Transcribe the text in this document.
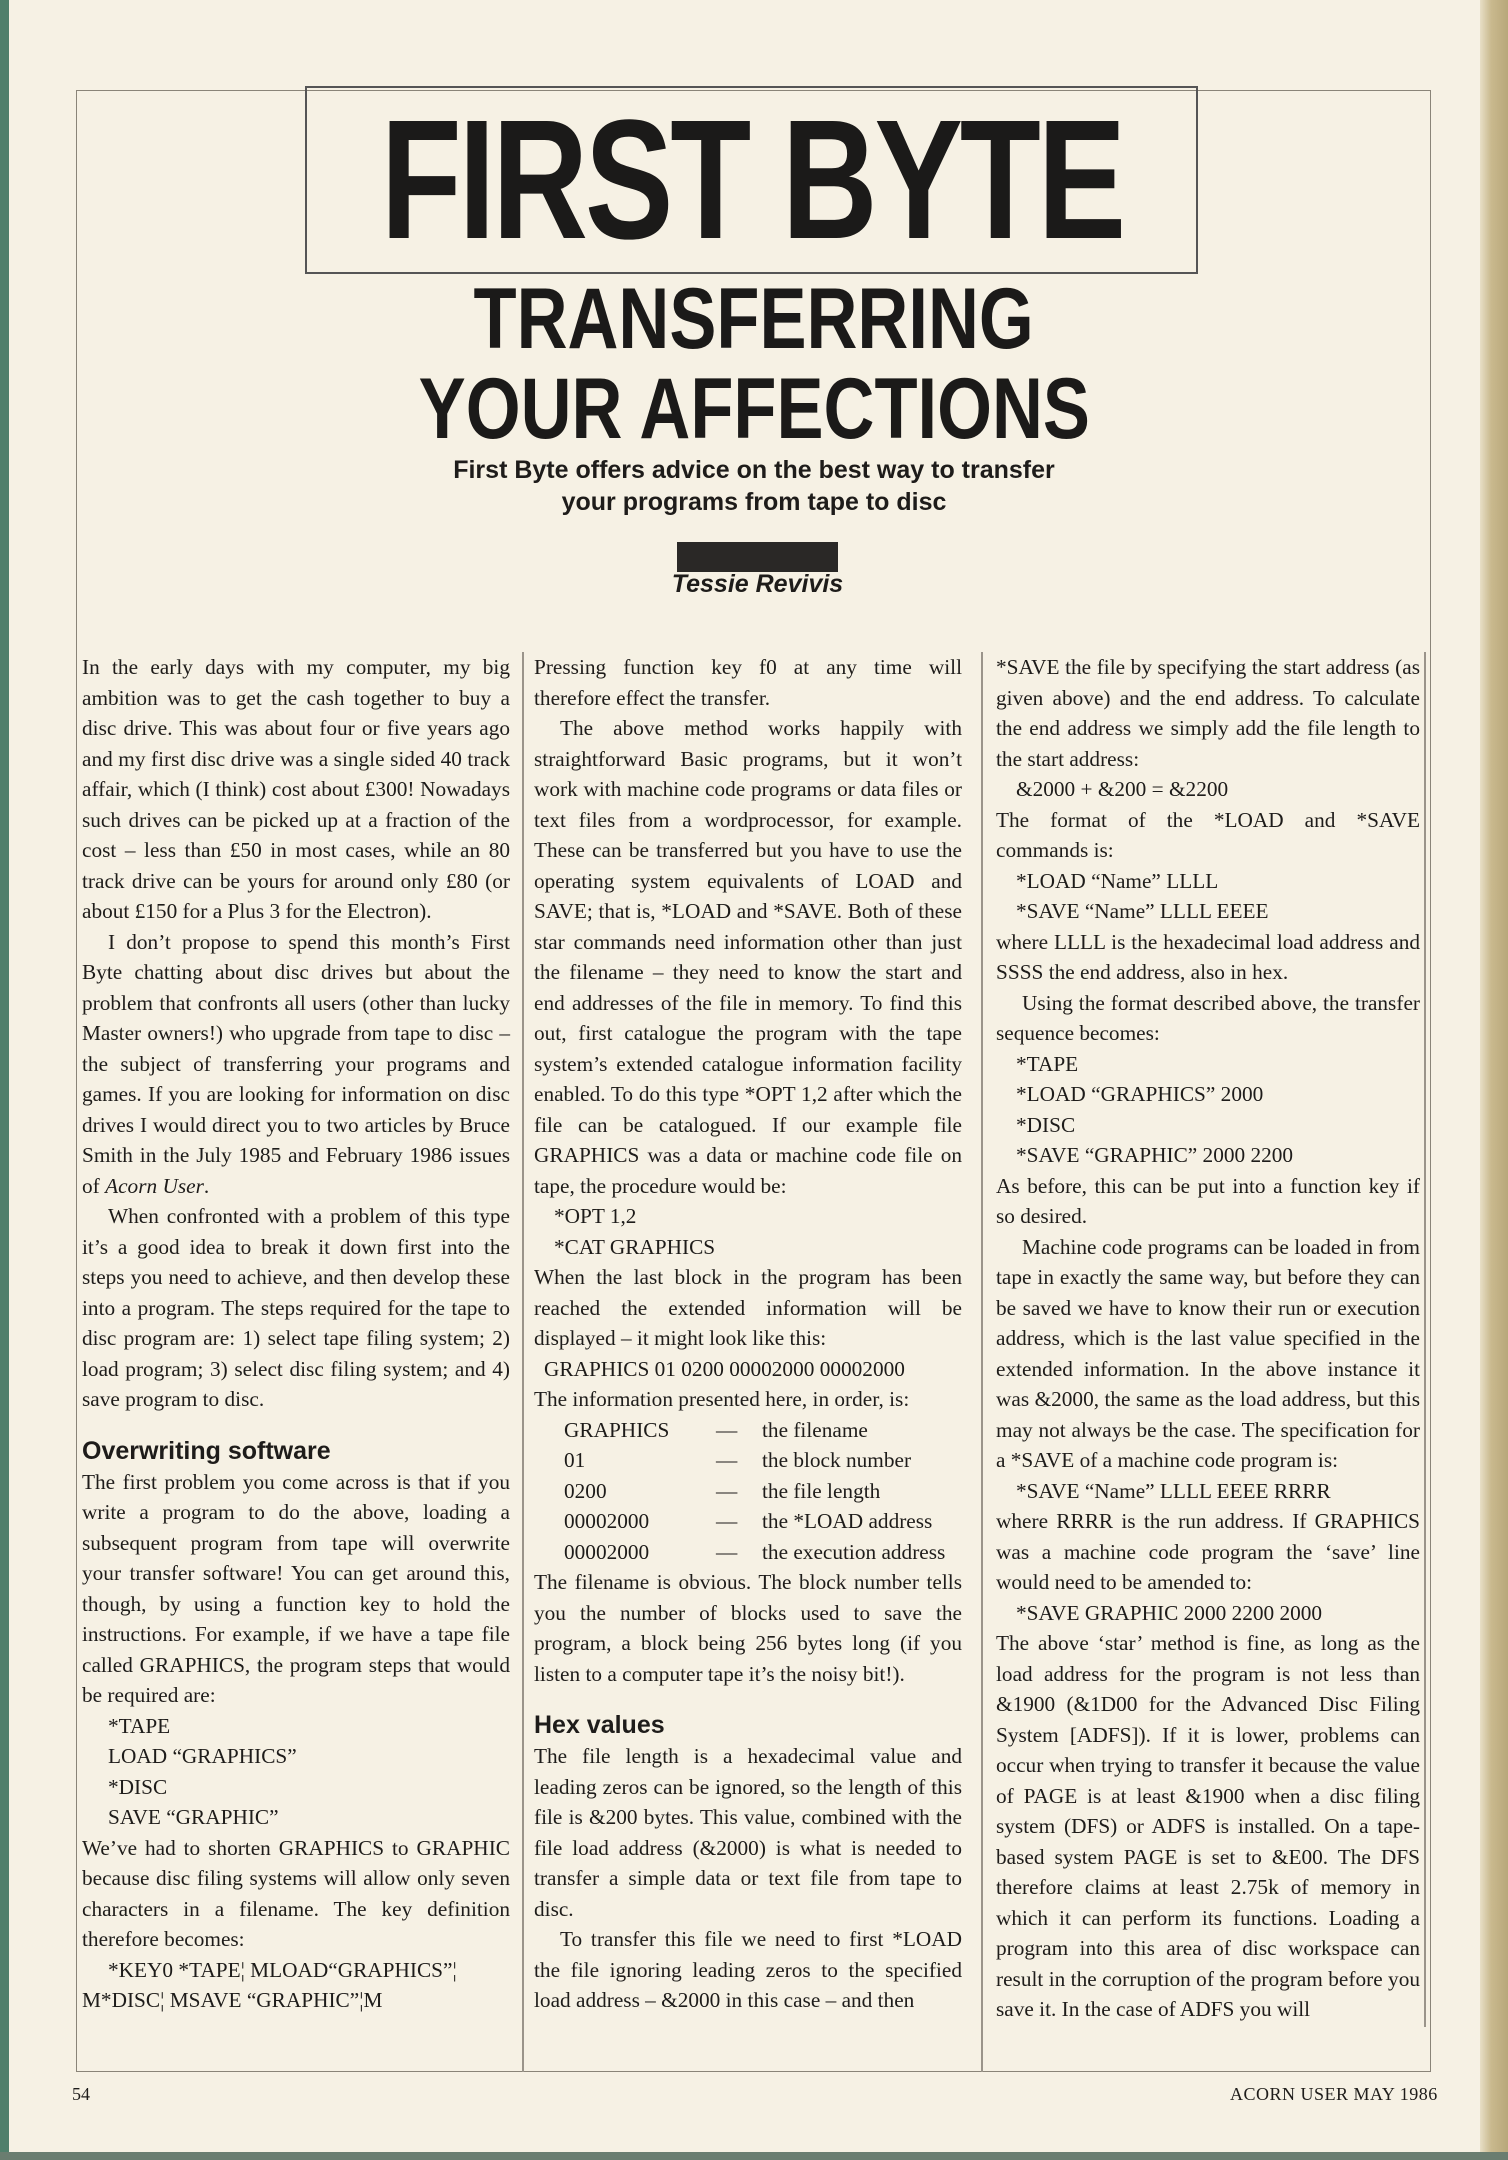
FIRST BYTE
TRANSFERRING
YOUR AFFECTIONS
First Byte offers advice on the best way to transfer
your programs from tape to disc
Tessie Revivis

In the early days with my computer, my big ambition was to get the cash together to buy a disc drive. This was about four or five years ago and my first disc drive was a single sided 40 track affair, which (I think) cost about £300! Nowadays such drives can be picked up at a fraction of the cost – less than £50 in most cases, while an 80 track drive can be yours for around only £80 (or about £150 for a Plus 3 for the Electron).

I don’t propose to spend this month’s First Byte chatting about disc drives but about the problem that confronts all users (other than lucky Master owners!) who upgrade from tape to disc – the subject of transferring your programs and games. If you are looking for information on disc drives I would direct you to two articles by Bruce Smith in the July 1985 and February 1986 issues of Acorn User.

When confronted with a problem of this type it’s a good idea to break it down first into the steps you need to achieve, and then develop these into a program. The steps required for the tape to disc program are: 1) select tape filing system; 2) load program; 3) select disc filing system; and 4) save program to disc.

Overwriting software

The first problem you come across is that if you write a program to do the above, loading a subsequent program from tape will overwrite your transfer software! You can get around this, though, by using a function key to hold the instructions. For example, if we have a tape file called GRAPHICS, the program steps that would be required are:

*TAPE

LOAD “GRAPHICS”

*DISC

SAVE “GRAPHIC”

We’ve had to shorten GRAPHICS to GRAPHIC because disc filing systems will allow only seven characters in a filename. The key definition therefore becomes:

*KEY0 *TAPE¦ MLOAD“GRAPHICS”¦

M*DISC¦ MSAVE “GRAPHIC”¦M

Pressing function key f0 at any time will therefore effect the transfer.

The above method works happily with straightforward Basic programs, but it won’t work with machine code programs or data files or text files from a wordprocessor, for example. These can be transferred but you have to use the operating system equivalents of LOAD and SAVE; that is, *LOAD and *SAVE. Both of these star commands need information other than just the filename – they need to know the start and end addresses of the file in memory. To find this out, first catalogue the program with the tape system’s extended catalogue information facility enabled. To do this type *OPT 1,2 after which the file can be catalogued. If our example file GRAPHICS was a data or machine code file on tape, the procedure would be:

*OPT 1,2

*CAT GRAPHICS

When the last block in the program has been reached the extended information will be displayed – it might look like this:

GRAPHICS 01 0200 00002000 00002000

The information presented here, in order, is:

GRAPHICS	—	the filename
01	—	the block number
0200	—	the file length
00002000	—	the *LOAD address
00002000	—	the execution address

The filename is obvious. The block number tells you the number of blocks used to save the program, a block being 256 bytes long (if you listen to a computer tape it’s the noisy bit!).

Hex values

The file length is a hexadecimal value and leading zeros can be ignored, so the length of this file is &200 bytes. This value, combined with the file load address (&2000) is what is needed to transfer a simple data or text file from tape to disc.

To transfer this file we need to first *LOAD the file ignoring leading zeros to the specified load address – &2000 in this case – and then

*SAVE the file by specifying the start address (as given above) and the end address. To calculate the end address we simply add the file length to the start address:

&2000 + &200 = &2200

The format of the *LOAD and *SAVE commands is:

*LOAD “Name” LLLL

*SAVE “Name” LLLL EEEE

where LLLL is the hexadecimal load address and SSSS the end address, also in hex.

Using the format described above, the transfer sequence becomes:

*TAPE

*LOAD “GRAPHICS” 2000

*DISC

*SAVE “GRAPHIC” 2000 2200

As before, this can be put into a function key if so desired.

Machine code programs can be loaded in from tape in exactly the same way, but before they can be saved we have to know their run or execution address, which is the last value specified in the extended information. In the above instance it was &2000, the same as the load address, but this may not always be the case. The specification for a *SAVE of a machine code program is:

*SAVE “Name” LLLL EEEE RRRR

where RRRR is the run address. If GRAPHICS was a machine code program the ‘save’ line would need to be amended to:

*SAVE GRAPHIC 2000 2200 2000

The above ‘star’ method is fine, as long as the load address for the program is not less than &1900 (&1D00 for the Advanced Disc Filing System [ADFS]). If it is lower, problems can occur when trying to transfer it because the value of PAGE is at least &1900 when a disc filing system (DFS) or ADFS is installed. On a tape-based system PAGE is set to &E00. The DFS therefore claims at least 2.75k of memory in which it can perform its functions. Loading a program into this area of disc workspace can result in the corruption of the program before you save it. In the case of ADFS you will

54	ACORN USER MAY 1986
